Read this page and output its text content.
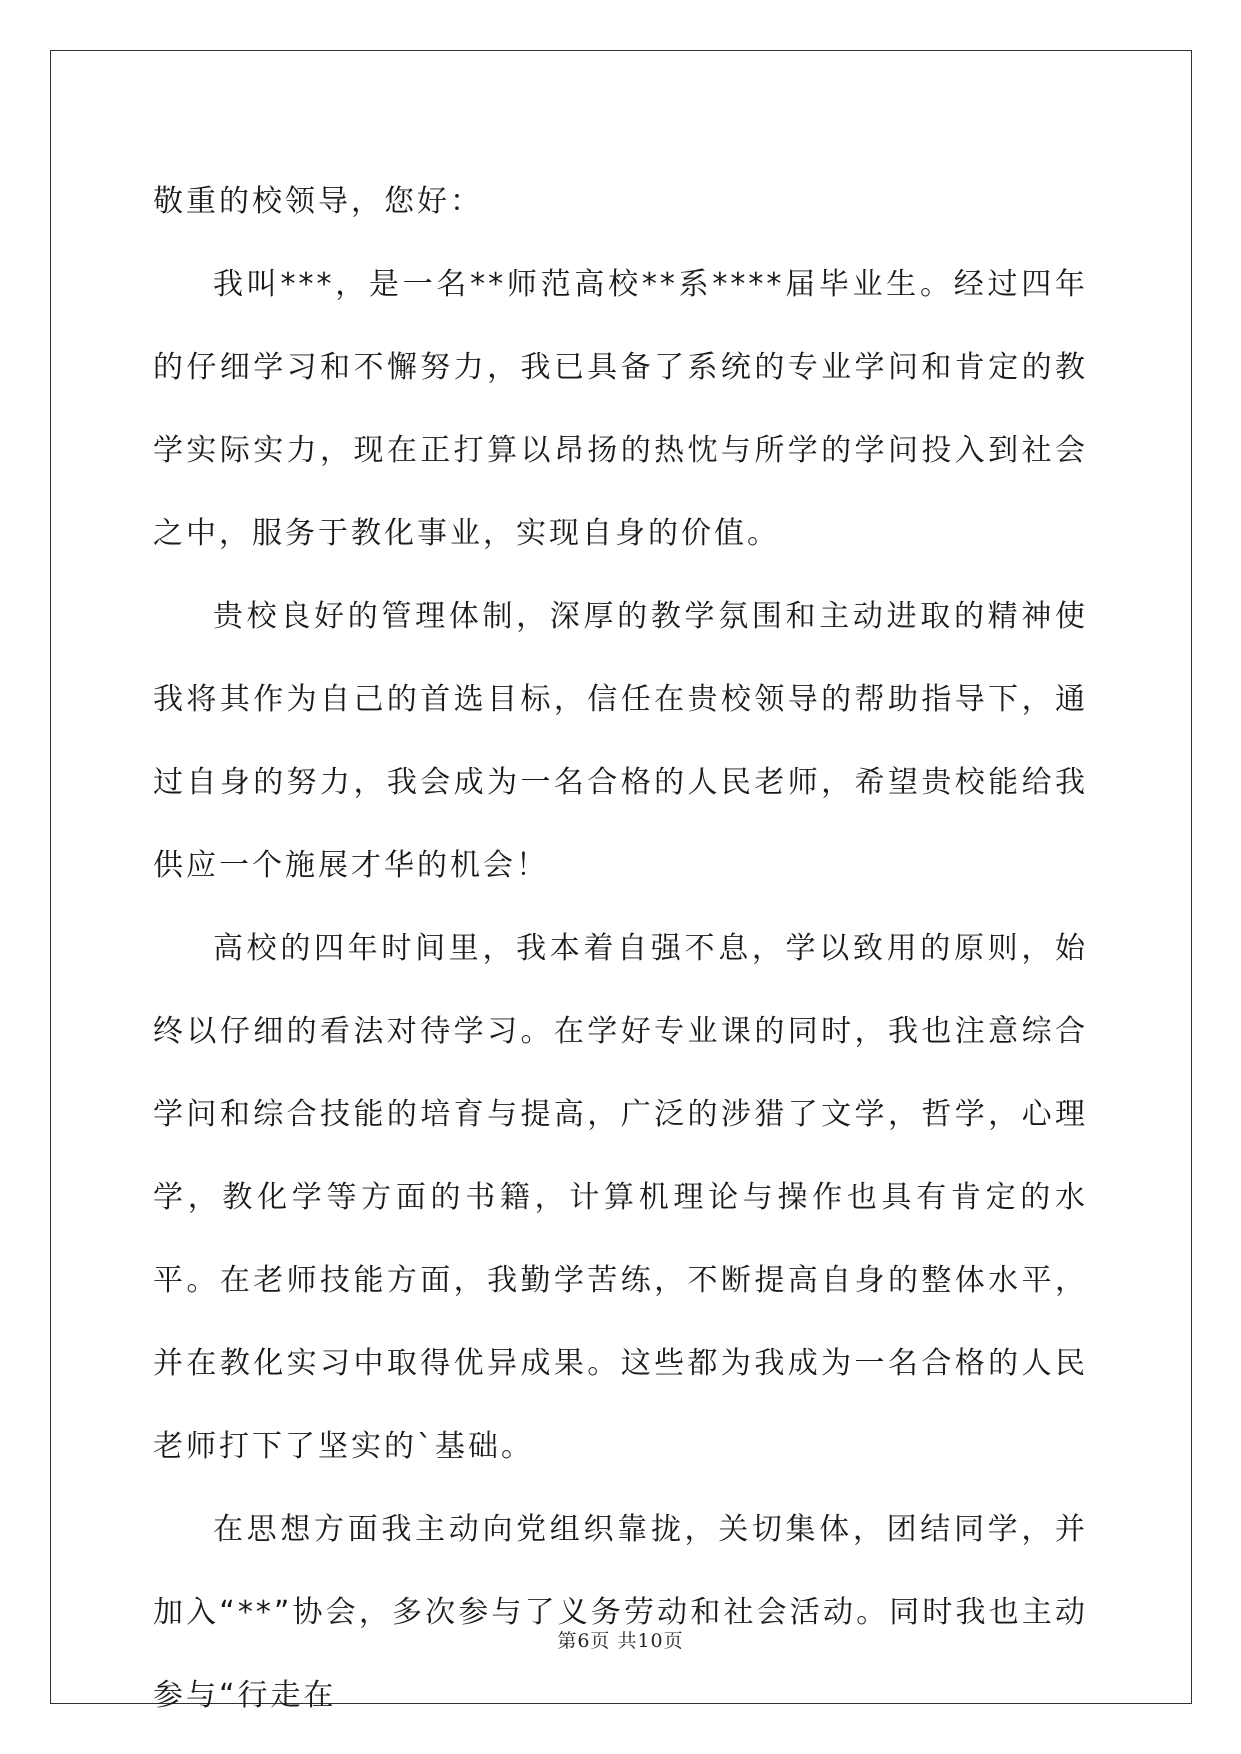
敬重的校领导，您好：

我叫***，是一名**师范高校**系****届毕业生。经过四年的仔细学习和不懈努力，我已具备了系统的专业学问和肯定的教学实际实力，现在正打算以昂扬的热忱与所学的学问投入到社会之中，服务于教化事业，实现自身的价值。

贵校良好的管理体制，深厚的教学氛围和主动进取的精神使我将其作为自己的首选目标，信任在贵校领导的帮助指导下，通过自身的努力，我会成为一名合格的人民老师，希望贵校能给我供应一个施展才华的机会！

高校的四年时间里，我本着自强不息，学以致用的原则，始终以仔细的看法对待学习。在学好专业课的同时，我也注意综合学问和综合技能的培育与提高，广泛的涉猎了文学，哲学，心理学，教化学等方面的书籍，计算机理论与操作也具有肯定的水平。在老师技能方面，我勤学苦练，不断提高自身的整体水平，并在教化实习中取得优异成果。这些都为我成为一名合格的人民老师打下了坚实的`基础。

在思想方面我主动向党组织靠拢，关切集体，团结同学，并加入“**”协会，多次参与了义务劳动和社会活动。同时我也主动参与“行走在

第6页 共10页
